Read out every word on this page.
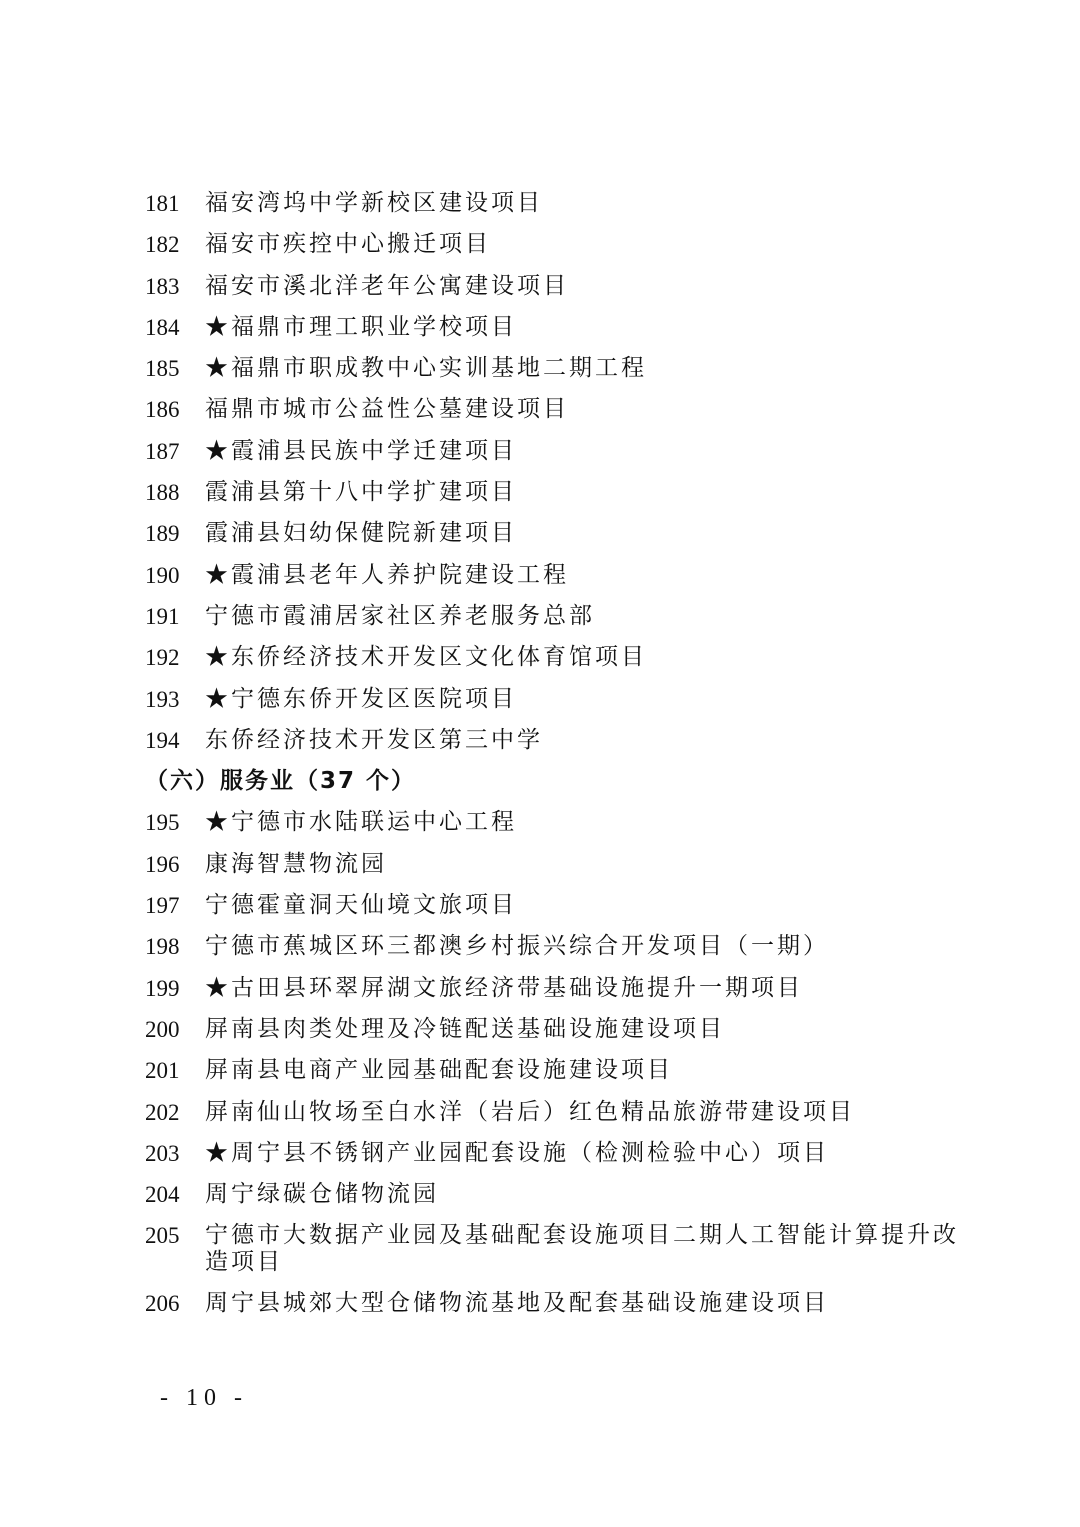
181	福安湾坞中学新校区建设项目
182	福安市疾控中心搬迁项目
183	福安市溪北洋老年公寓建设项目
184	★福鼎市理工职业学校项目
185	★福鼎市职成教中心实训基地二期工程
186	福鼎市城市公益性公墓建设项目
187	★霞浦县民族中学迁建项目
188	霞浦县第十八中学扩建项目
189	霞浦县妇幼保健院新建项目
190	★霞浦县老年人养护院建设工程
191	宁德市霞浦居家社区养老服务总部
192	★东侨经济技术开发区文化体育馆项目
193	★宁德东侨开发区医院项目
194	东侨经济技术开发区第三中学
（六）服务业（37 个）
195	★宁德市水陆联运中心工程
196	康海智慧物流园
197	宁德霍童洞天仙境文旅项目
198	宁德市蕉城区环三都澳乡村振兴综合开发项目（一期）
199	★古田县环翠屏湖文旅经济带基础设施提升一期项目
200	屏南县肉类处理及冷链配送基础设施建设项目
201	屏南县电商产业园基础配套设施建设项目
202	屏南仙山牧场至白水洋（岩后）红色精品旅游带建设项目
203	★周宁县不锈钢产业园配套设施（检测检验中心）项目
204	周宁绿碳仓储物流园
205	宁德市大数据产业园及基础配套设施项目二期人工智能计算提升改造项目
206	周宁县城郊大型仓储物流基地及配套基础设施建设项目
- 10 -
